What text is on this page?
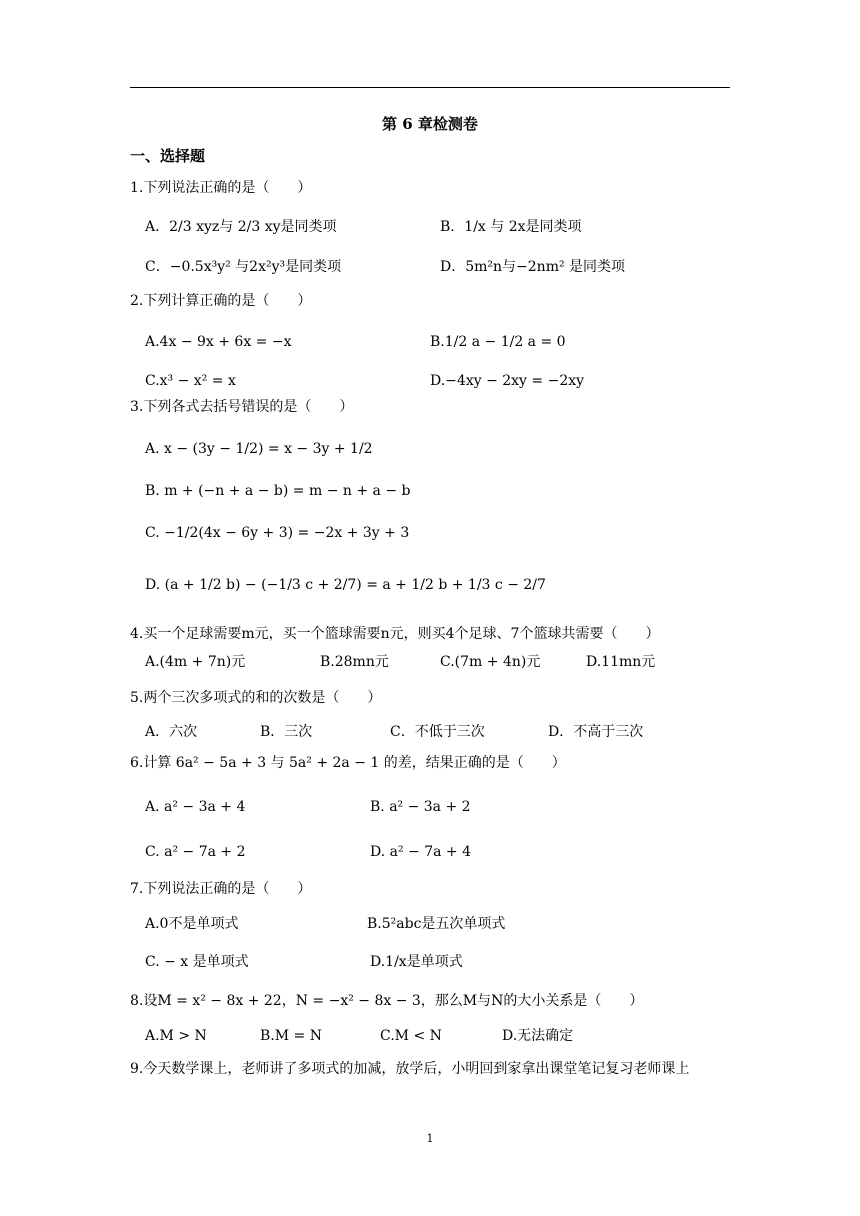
第 6 章检测卷
一、选择题
1.下列说法正确的是（　　）
A．2/3 xyz与 2/3 xy是同类项	B．1/x 与 2x是同类项
C．−0.5x³y² 与2x²y³是同类项	D．5m²n与−2nm² 是同类项
2.下列计算正确的是（　　）
A.4x − 9x + 6x = −x	B.1/2 a − 1/2 a = 0
C.x³ − x² = x	D.−4xy − 2xy = −2xy
3.下列各式去括号错误的是（　　）
A. x − (3y − 1/2) = x − 3y + 1/2
B. m + (−n + a − b) = m − n + a − b
C. −1/2(4x − 6y + 3) = −2x + 3y + 3
D. (a + 1/2 b) − (−1/3 c + 2/7) = a + 1/2 b + 1/3 c − 2/7
4.买一个足球需要m元，买一个篮球需要n元，则买4个足球、7个篮球共需要（　　）
A.(4m + 7n)元	B.28mn元	C.(7m + 4n)元	D.11mn元
5.两个三次多项式的和的次数是（　　）
A．六次	B．三次	C．不低于三次	D．不高于三次
6.计算 6a² − 5a + 3 与 5a² + 2a − 1 的差，结果正确的是（　　）
A. a² − 3a + 4	B. a² − 3a + 2
C. a² − 7a + 2	D. a² − 7a + 4
7.下列说法正确的是（　　）
A.0不是单项式	B.5²abc是五次单项式
C. − x 是单项式	D.1/x是单项式
8.设M = x² − 8x + 22，N = −x² − 8x − 3，那么M与N的大小关系是（　　）
A.M > N	B.M = N	C.M < N	D.无法确定
9.今天数学课上，老师讲了多项式的加减，放学后，小明回到家拿出课堂笔记复习老师课上
1
